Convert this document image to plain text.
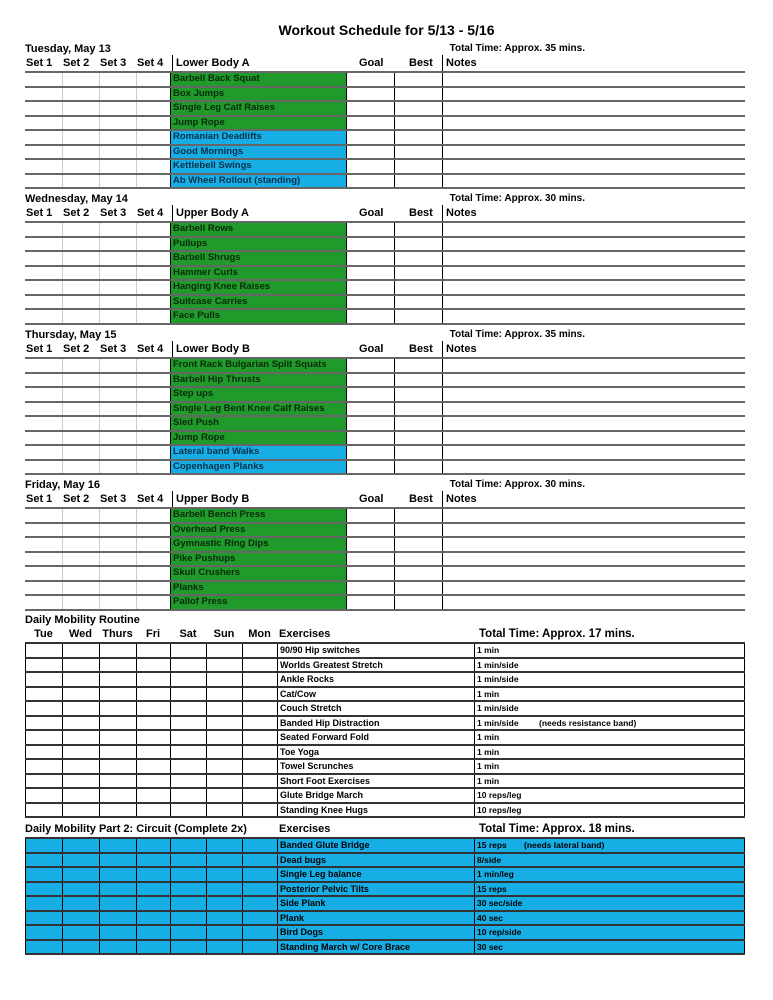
Workout Schedule for 5/13 - 5/16
Tuesday, May 13	Total Time: Approx. 35 mins.
Set 1 Set 2 Set 3 Set 4	Lower Body A	Goal Best	Notes
Barbell Back Squat
Box Jumps
Single Leg Calf Raises
Jump Rope
Romanian Deadlifts
Good Mornings
Kettlebell Swings
Ab Wheel Rollout (standing)
Wednesday, May 14	Total Time: Approx. 30 mins.
Set 1 Set 2 Set 3 Set 4	Upper Body A	Goal Best	Notes
Barbell Rows
Pullups
Barbell Shrugs
Hammer Curls
Hanging Knee Raises
Suitcase Carries
Face Pulls
Thursday, May 15	Total Time: Approx. 35 mins.
Set 1 Set 2 Set 3 Set 4	Lower Body B	Goal Best	Notes
Front Rack Bulgarian Split Squats
Barbell Hip Thrusts
Step ups
Single Leg Bent Knee Calf Raises
Sled Push
Jump Rope
Lateral band Walks
Copenhagen Planks
Friday, May 16	Total Time: Approx. 30 mins.
Set 1 Set 2 Set 3 Set 4	Upper Body B	Goal Best	Notes
Barbell Bench Press
Overhead Press
Gymnastic Ring Dips
Pike Pushups
Skull Crushers
Planks
Pallof Press
Daily Mobility Routine
Tue	Wed Thurs	Fri	Sat	Sun	Mon Exercises	Total Time: Approx. 17 mins.
90/90 Hip switches	1 min
Worlds Greatest Stretch	1 min/side
Ankle Rocks	1 min/side
Cat/Cow	1 min
Couch Stretch	1 min/side
Banded Hip Distraction	1 min/side	(needs resistance band)
Seated Forward Fold	1 min
Toe Yoga	1 min
Towel Scrunches	1 min
Short Foot Exercises	1 min
Glute Bridge March	10 reps/leg
Standing Knee Hugs	10 reps/leg
Daily Mobility Part 2: Circuit (Complete 2x)	Exercises	Total Time: Approx. 18 mins.
Banded Glute Bridge	15 reps	(needs lateral band)
Dead bugs	8/side
Single Leg balance	1 min/leg
Posterior Pelvic Tilts	15 reps
Side Plank	30 sec/side
Plank	40 sec
Bird Dogs	10 rep/side
Standing March w/ Core Brace	30 sec
